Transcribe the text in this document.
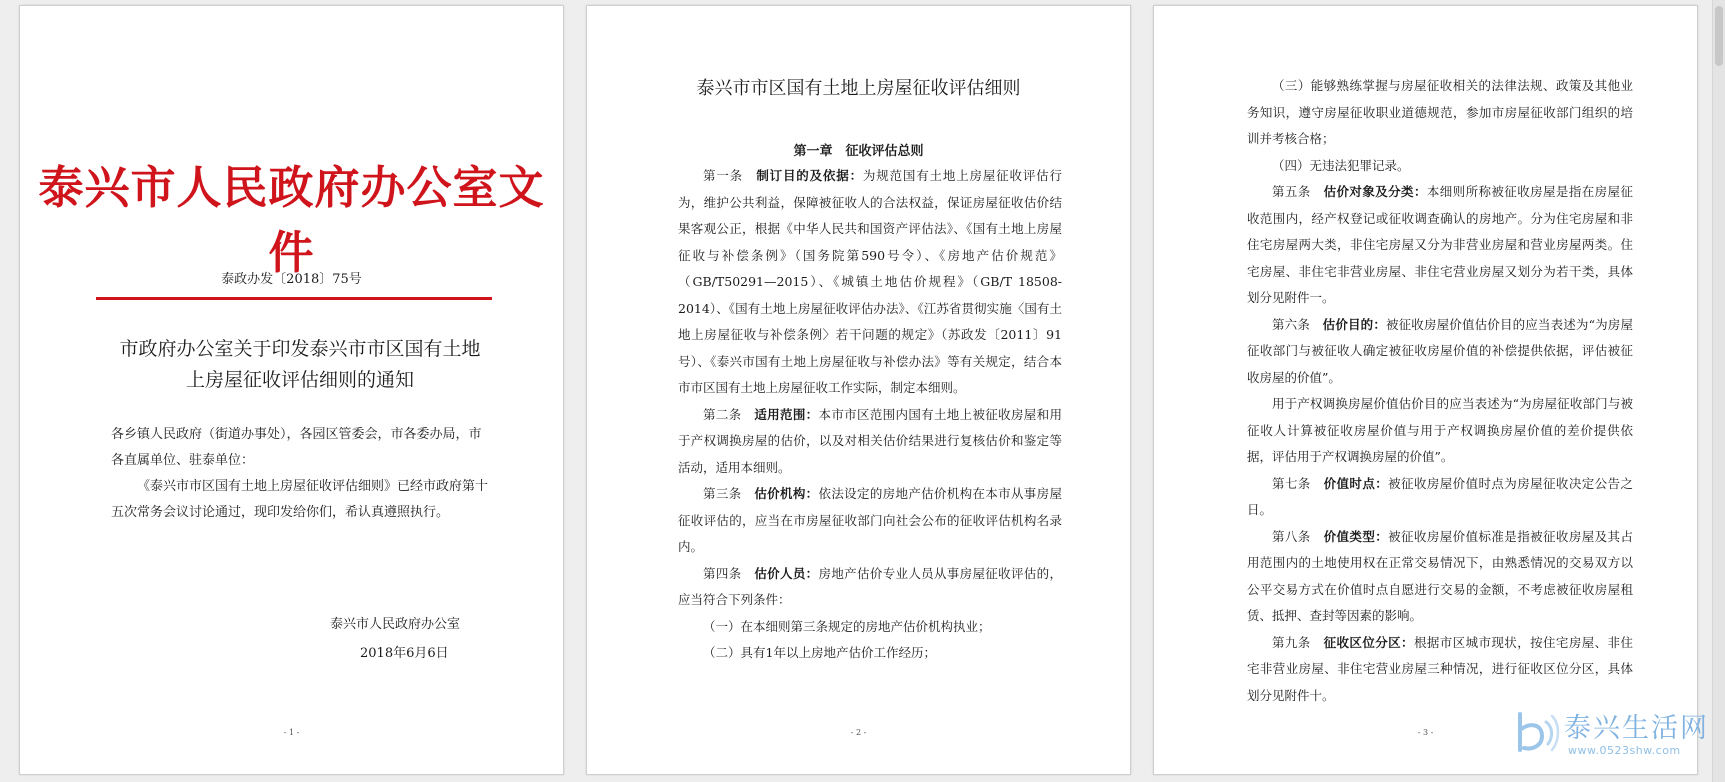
泰兴市人民政府办公室文件
泰政办发〔2018〕75号
市政府办公室关于印发泰兴市市区国有土地
上房屋征收评估细则的通知

各乡镇人民政府（街道办事处），各园区管委会，市各委办局，市各直属单位、驻泰单位：

《泰兴市市区国有土地上房屋征收评估细则》已经市政府第十五次常务会议讨论通过，现印发给你们，希认真遵照执行。

泰兴市人民政府办公室
2018年6月6日
- 1 -
泰兴市市区国有土地上房屋征收评估细则
第一章　征收评估总则

第一条　 制订目的及依据：为规范国有土地上房屋征收评估行为，维护公共利益，保障被征收人的合法权益，保证房屋征收估价结果客观公正，根据《中华人民共和国资产评估法》、《国有土地上房屋征收与补偿条例》（国务院第590号令）、《房地产估价规范》（GB/T50291—2015）、《城镇土地估价规程》（GB/T 18508-2014）、《国有土地上房屋征收评估办法》、《江苏省贯彻实施〈国有土地上房屋征收与补偿条例〉若干问题的规定》（苏政发〔2011〕91号）、《泰兴市国有土地上房屋征收与补偿办法》等有关规定，结合本市市区国有土地上房屋征收工作实际，制定本细则。

第二条　 适用范围：本市市区范围内国有土地上被征收房屋和用于产权调换房屋的估价，以及对相关估价结果进行复核估价和鉴定等活动，适用本细则。

第三条　 估价机构：依法设定的房地产估价机构在本市从事房屋征收评估的，应当在市房屋征收部门向社会公布的征收评估机构名录内。

第四条　 估价人员：房地产估价专业人员从事房屋征收评估的，应当符合下列条件：

（一）在本细则第三条规定的房地产估价机构执业；

（二）具有1年以上房地产估价工作经历；

- 2 -

（三）能够熟练掌握与房屋征收相关的法律法规、政策及其他业务知识，遵守房屋征收职业道德规范，参加市房屋征收部门组织的培训并考核合格；

（四）无违法犯罪记录。

第五条　 估价对象及分类：本细则所称被征收房屋是指在房屋征收范围内，经产权登记或征收调查确认的房地产。分为住宅房屋和非住宅房屋两大类，非住宅房屋又分为非营业房屋和营业房屋两类。住宅房屋、非住宅非营业房屋、非住宅营业房屋又划分为若干类，具体划分见附件一。

第六条　 估价目的：被征收房屋价值估价目的应当表述为“为房屋征收部门与被征收人确定被征收房屋价值的补偿提供依据，评估被征收房屋的价值”。

用于产权调换房屋价值估价目的应当表述为“为房屋征收部门与被征收人计算被征收房屋价值与用于产权调换房屋价值的差价提供依据，评估用于产权调换房屋的价值”。

第七条　 价值时点：被征收房屋价值时点为房屋征收决定公告之日。

第八条　 价值类型：被征收房屋价值标准是指被征收房屋及其占用范围内的土地使用权在正常交易情况下，由熟悉情况的交易双方以公平交易方式在价值时点自愿进行交易的金额，不考虑被征收房屋租赁、抵押、查封等因素的影响。

第九条　 征收区位分区：根据市区城市现状，按住宅房屋、非住宅非营业房屋、非住宅营业房屋三种情况，进行征收区位分区，具体划分见附件十。

- 3 -	泰兴生活网
www.0523shw.com
